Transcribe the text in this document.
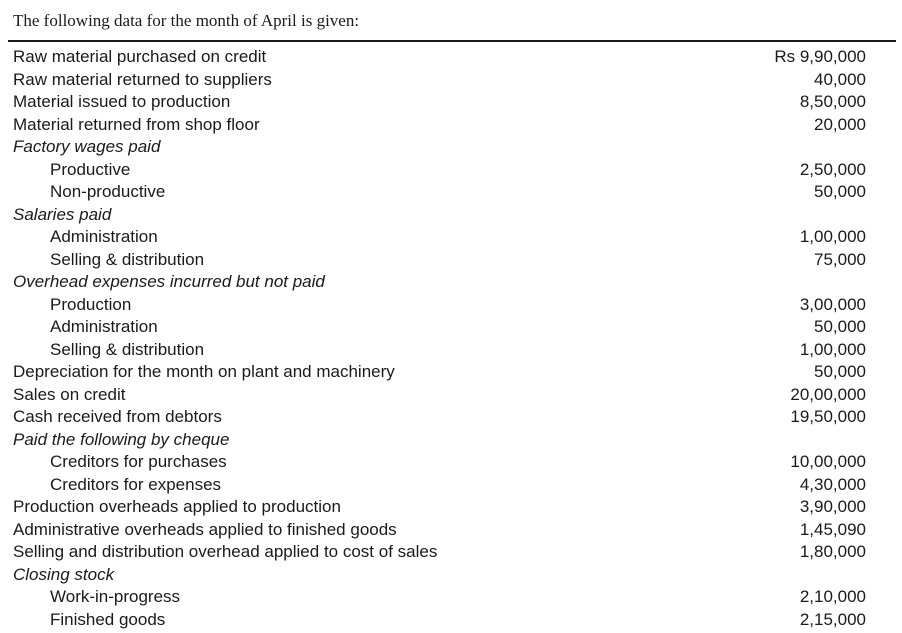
The following data for the month of April is given:
Raw material purchased on credit	Rs 9,90,000
Raw material returned to suppliers	40,000
Material issued to production	8,50,000
Material returned from shop floor	20,000
Factory wages paid
Productive	2,50,000
Non-productive	50,000
Salaries paid
Administration	1,00,000
Selling & distribution	75,000
Overhead expenses incurred but not paid
Production	3,00,000
Administration	50,000
Selling & distribution	1,00,000
Depreciation for the month on plant and machinery	50,000
Sales on credit	20,00,000
Cash received from debtors	19,50,000
Paid the following by cheque
Creditors for purchases	10,00,000
Creditors for expenses	4,30,000
Production overheads applied to production	3,90,000
Administrative overheads applied to finished goods	1,45,090
Selling and distribution overhead applied to cost of sales	1,80,000
Closing stock
Work-in-progress	2,10,000
Finished goods	2,15,000
